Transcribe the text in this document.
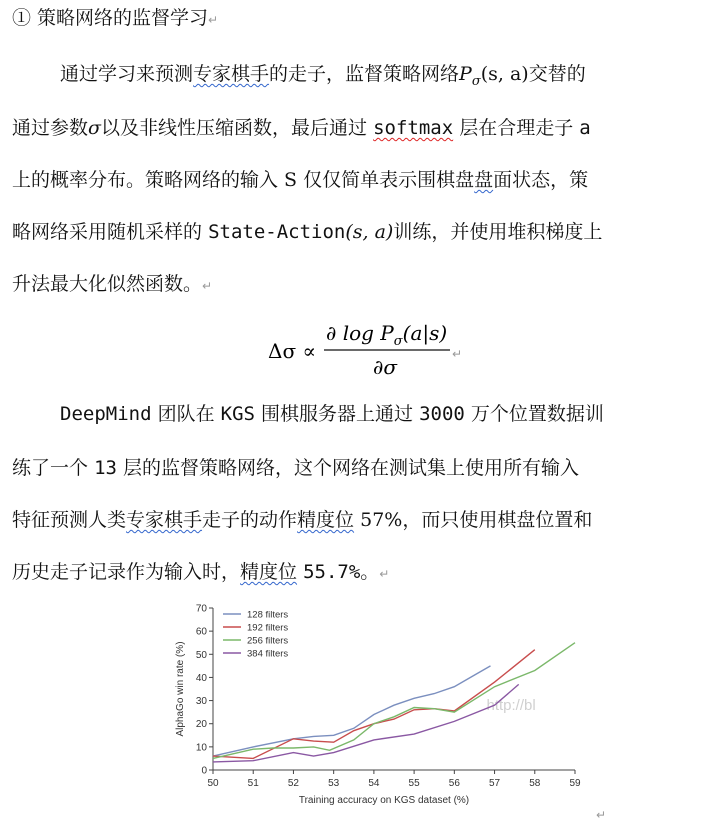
① 策略网络的监督学习↵
通过学习来预测专家棋手的走子，监督策略网络$P_\sigma(s$, a)交替的
通过参数σ以及非线性压缩函数，最后通过 softmax 层在合理走子 a
上的概率分布。策略网络的输入 S 仅仅简单表示围棋盘盘面状态，策
略网络采用随机采样的 State-Action(s, a)训练，并使用堆积梯度上
升法最大化似然函数。↵
Δσ ∝
∂ $\log P_\sigma(a|s)$
∂σ
↵
DeepMind 团队在 KGS 围棋服务器上通过 3000 万个位置数据训
练了一个 13 层的监督策略网络，这个网络在测试集上使用所有输入
特征预测人类专家棋手走子的动作精度位 57%，而只使用棋盘位置和
历史走子记录作为输入时，精度位 55.7%。↵
0
10
20
30
40
50
60
70
50	51	52	53	54	55	56	57	58	59
Training accuracy on KGS dataset (%)
AlphaGo win rate (%)	http://bl
128 filters
192 filters
256 filters
384 filters
↵
